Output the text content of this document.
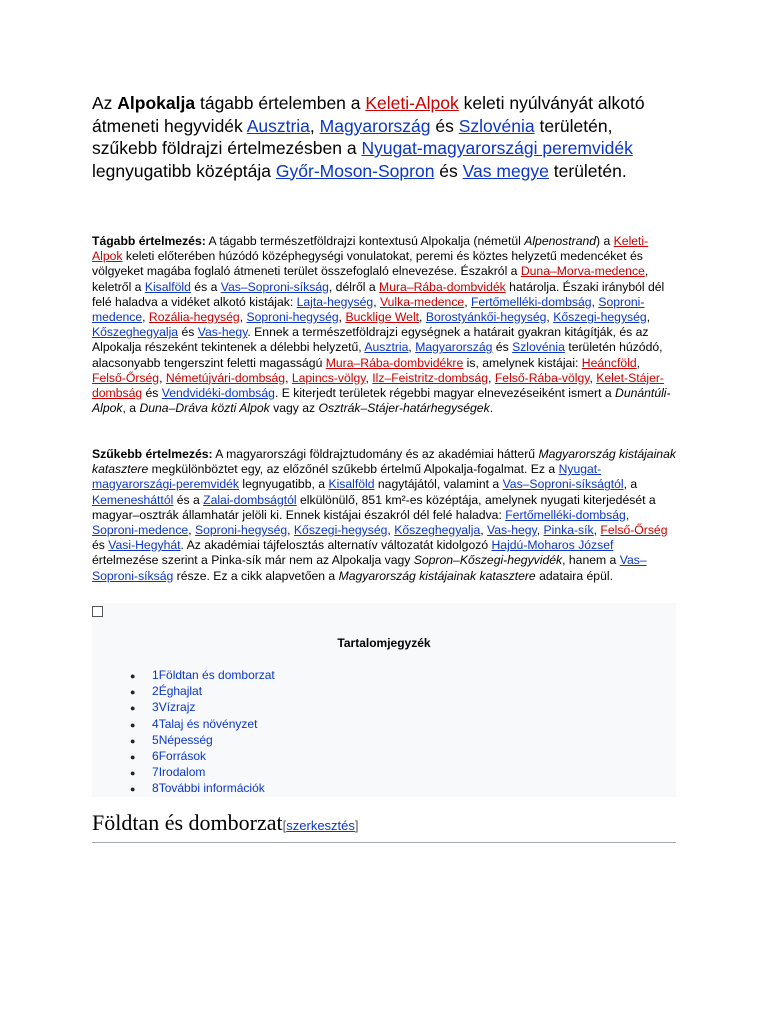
Az Alpokalja tágabb értelemben a Keleti-Alpok keleti nyúlványát alkotó átmeneti hegyvidék Ausztria, Magyarország és Szlovénia területén, szűkebb földrajzi értelmezésben a Nyugat-magyarországi peremvidék legnyugatibb középtája Győr-Moson-Sopron és Vas megye területén.

Tágabb értelmezés: A tágabb természetföldrajzi kontextusú Alpokalja (németül Alpenostrand) a Keleti-Alpok keleti előterében húzódó középhegységi vonulatokat, peremi és köztes helyzetű medencéket és völgyeket magába foglaló átmeneti terület összefoglaló elnevezése. Északról a Duna–Morva-medence, keletről a Kisalföld és a Vas–Soproni-síkság, délről a Mura–Rába-dombvidék határolja. Északi irányból dél felé haladva a vidéket alkotó kistájak: Lajta-hegység, Vulka-medence, Fertőmelléki-dombság, Soproni-medence, Rozália-hegység, Soproni-hegység, Bucklige Welt, Borostyánkői-hegység, Kőszegi-hegység, Kőszeghegyalja és Vas-hegy. Ennek a természetföldrajzi egységnek a határait gyakran kitágítják, és az Alpokalja részeként tekintenek a délebbi helyzetű, Ausztria, Magyarország és Szlovénia területén húzódó, alacsonyabb tengerszint feletti magasságú Mura–Rába-dombvidékre is, amelynek kistájai: Heáncföld, Felső-Őrség, Németújvári-dombság, Lapincs-völgy, Ilz–Feistritz-dombság, Felső-Rába-völgy, Kelet-Stájer-dombság és Vendvidéki-dombság. E kiterjedt területek régebbi magyar elnevezéseiként ismert a Dunántúli-Alpok, a Duna–Dráva közti Alpok vagy az Osztrák–Stájer-határhegységek.

Szűkebb értelmezés: A magyarországi földrajztudomány és az akadémiai hátterű Magyarország kistájainak katasztere megkülönböztet egy, az előzőnél szűkebb értelmű Alpokalja-fogalmat. Ez a Nyugat-magyarországi-peremvidék legnyugatibb, a Kisalföld nagytájától, valamint a Vas–Soproni-síkságtól, a Kemenesháttól és a Zalai-dombságtól elkülönülő, 851 km²-es középtája, amelynek nyugati kiterjedését a magyar–osztrák államhatár jelöli ki. Ennek kistájai északról dél felé haladva: Fertőmelléki-dombság, Soproni-medence, Soproni-hegység, Kőszegi-hegység, Kőszeghegyalja, Vas-hegy, Pinka-sík, Felső-Őrség és Vasi-Hegyhát. Az akadémiai tájfelosztás alternatív változatát kidolgozó Hajdú-Moharos József értelmezése szerint a Pinka-sík már nem az Alpokalja vagy Sopron–Kőszegi-hegyvidék, hanem a Vas–Soproni-síkság része. Ez a cikk alapvetően a Magyarország kistájainak katasztere adataira épül.

Tartalomjegyzék
● 1Földtan és domborzat
● 2Éghajlat
● 3Vízrajz
● 4Talaj és növényzet
● 5Népesség
● 6Források
● 7Irodalom
● 8További információk
Földtan és domborzat[szerkesztés]
